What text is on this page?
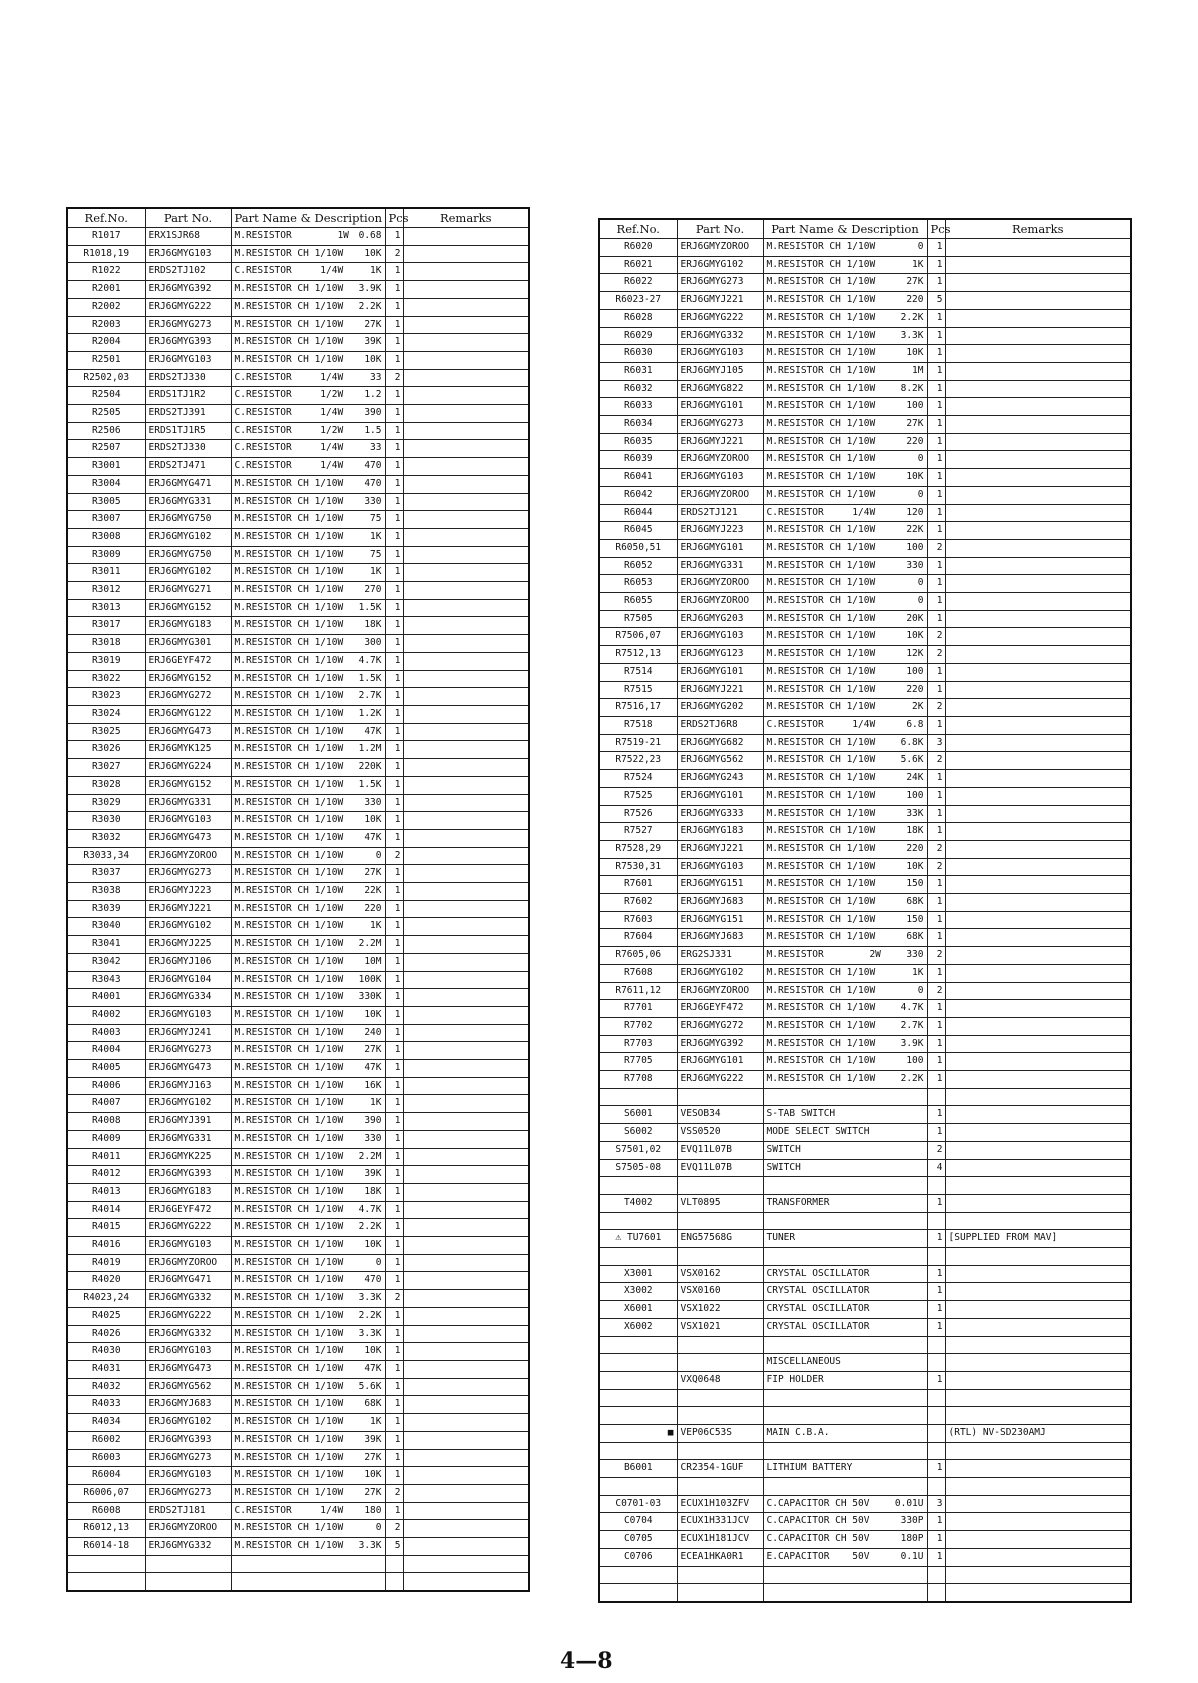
Ref.No.	Part No.	Part Name & Description	Pcs	Remarks
R1017	ERX1SJR68	M.RESISTOR        1W 0.68	1	
R1018,19	ERJ6GMYG103	M.RESISTOR CH 1/10W 10K	2	
R1022	ERDS2TJ102	C.RESISTOR     1/4W 1K	1	
R2001	ERJ6GMYG392	M.RESISTOR CH 1/10W 3.9K	1	
R2002	ERJ6GMYG222	M.RESISTOR CH 1/10W 2.2K	1	
R2003	ERJ6GMYG273	M.RESISTOR CH 1/10W 27K	1	
R2004	ERJ6GMYG393	M.RESISTOR CH 1/10W 39K	1	
R2501	ERJ6GMYG103	M.RESISTOR CH 1/10W 10K	1	
R2502,03	ERDS2TJ330	C.RESISTOR     1/4W 33	2	
R2504	ERDS1TJ1R2	C.RESISTOR     1/2W 1.2	1	
R2505	ERDS2TJ391	C.RESISTOR     1/4W 390	1	
R2506	ERDS1TJ1R5	C.RESISTOR     1/2W 1.5	1	
R2507	ERDS2TJ330	C.RESISTOR     1/4W 33	1	
R3001	ERDS2TJ471	C.RESISTOR     1/4W 470	1	
R3004	ERJ6GMYG471	M.RESISTOR CH 1/10W 470	1	
R3005	ERJ6GMYG331	M.RESISTOR CH 1/10W 330	1	
R3007	ERJ6GMYG750	M.RESISTOR CH 1/10W 75	1	
R3008	ERJ6GMYG102	M.RESISTOR CH 1/10W 1K	1	
R3009	ERJ6GMYG750	M.RESISTOR CH 1/10W 75	1	
R3011	ERJ6GMYG102	M.RESISTOR CH 1/10W 1K	1	
R3012	ERJ6GMYG271	M.RESISTOR CH 1/10W 270	1	
R3013	ERJ6GMYG152	M.RESISTOR CH 1/10W 1.5K	1	
R3017	ERJ6GMYG183	M.RESISTOR CH 1/10W 18K	1	
R3018	ERJ6GMYG301	M.RESISTOR CH 1/10W 300	1	
R3019	ERJ6GEYF472	M.RESISTOR CH 1/10W 4.7K	1	
R3022	ERJ6GMYG152	M.RESISTOR CH 1/10W 1.5K	1	
R3023	ERJ6GMYG272	M.RESISTOR CH 1/10W 2.7K	1	
R3024	ERJ6GMYG122	M.RESISTOR CH 1/10W 1.2K	1	
R3025	ERJ6GMYG473	M.RESISTOR CH 1/10W 47K	1	
R3026	ERJ6GMYK125	M.RESISTOR CH 1/10W 1.2M	1	
R3027	ERJ6GMYG224	M.RESISTOR CH 1/10W 220K	1	
R3028	ERJ6GMYG152	M.RESISTOR CH 1/10W 1.5K	1	
R3029	ERJ6GMYG331	M.RESISTOR CH 1/10W 330	1	
R3030	ERJ6GMYG103	M.RESISTOR CH 1/10W 10K	1	
R3032	ERJ6GMYG473	M.RESISTOR CH 1/10W 47K	1	
R3033,34	ERJ6GMYZOROO	M.RESISTOR CH 1/10W 0	2	
R3037	ERJ6GMYG273	M.RESISTOR CH 1/10W 27K	1	
R3038	ERJ6GMYJ223	M.RESISTOR CH 1/10W 22K	1	
R3039	ERJ6GMYJ221	M.RESISTOR CH 1/10W 220	1	
R3040	ERJ6GMYG102	M.RESISTOR CH 1/10W 1K	1	
R3041	ERJ6GMYJ225	M.RESISTOR CH 1/10W 2.2M	1	
R3042	ERJ6GMYJ106	M.RESISTOR CH 1/10W 10M	1	
R3043	ERJ6GMYG104	M.RESISTOR CH 1/10W 100K	1	
R4001	ERJ6GMYG334	M.RESISTOR CH 1/10W 330K	1	
R4002	ERJ6GMYG103	M.RESISTOR CH 1/10W 10K	1	
R4003	ERJ6GMYJ241	M.RESISTOR CH 1/10W 240	1	
R4004	ERJ6GMYG273	M.RESISTOR CH 1/10W 27K	1	
R4005	ERJ6GMYG473	M.RESISTOR CH 1/10W 47K	1	
R4006	ERJ6GMYJ163	M.RESISTOR CH 1/10W 16K	1	
R4007	ERJ6GMYG102	M.RESISTOR CH 1/10W 1K	1	
R4008	ERJ6GMYJ391	M.RESISTOR CH 1/10W 390	1	
R4009	ERJ6GMYG331	M.RESISTOR CH 1/10W 330	1	
R4011	ERJ6GMYK225	M.RESISTOR CH 1/10W 2.2M	1	
R4012	ERJ6GMYG393	M.RESISTOR CH 1/10W 39K	1	
R4013	ERJ6GMYG183	M.RESISTOR CH 1/10W 18K	1	
R4014	ERJ6GEYF472	M.RESISTOR CH 1/10W 4.7K	1	
R4015	ERJ6GMYG222	M.RESISTOR CH 1/10W 2.2K	1	
R4016	ERJ6GMYG103	M.RESISTOR CH 1/10W 10K	1	
R4019	ERJ6GMYZOROO	M.RESISTOR CH 1/10W 0	1	
R4020	ERJ6GMYG471	M.RESISTOR CH 1/10W 470	1	
R4023,24	ERJ6GMYG332	M.RESISTOR CH 1/10W 3.3K	2	
R4025	ERJ6GMYG222	M.RESISTOR CH 1/10W 2.2K	1	
R4026	ERJ6GMYG332	M.RESISTOR CH 1/10W 3.3K	1	
R4030	ERJ6GMYG103	M.RESISTOR CH 1/10W 10K	1	
R4031	ERJ6GMYG473	M.RESISTOR CH 1/10W 47K	1	
R4032	ERJ6GMYG562	M.RESISTOR CH 1/10W 5.6K	1	
R4033	ERJ6GMYJ683	M.RESISTOR CH 1/10W 68K	1	
R4034	ERJ6GMYG102	M.RESISTOR CH 1/10W 1K	1	
R6002	ERJ6GMYG393	M.RESISTOR CH 1/10W 39K	1	
R6003	ERJ6GMYG273	M.RESISTOR CH 1/10W 27K	1	
R6004	ERJ6GMYG103	M.RESISTOR CH 1/10W 10K	1	
R6006,07	ERJ6GMYG273	M.RESISTOR CH 1/10W 27K	2	
R6008	ERDS2TJ181	C.RESISTOR     1/4W 180	1	
R6012,13	ERJ6GMYZOROO	M.RESISTOR CH 1/10W 0	2	
R6014-18	ERJ6GMYG332	M.RESISTOR CH 1/10W 3.3K	5	

Ref.No.	Part No.	Part Name & Description	Pcs	Remarks
R6020	ERJ6GMYZOROO	M.RESISTOR CH 1/10W 0	1	
R6021	ERJ6GMYG102	M.RESISTOR CH 1/10W 1K	1	
R6022	ERJ6GMYG273	M.RESISTOR CH 1/10W 27K	1	
R6023-27	ERJ6GMYJ221	M.RESISTOR CH 1/10W 220	5	
R6028	ERJ6GMYG222	M.RESISTOR CH 1/10W 2.2K	1	
R6029	ERJ6GMYG332	M.RESISTOR CH 1/10W 3.3K	1	
R6030	ERJ6GMYG103	M.RESISTOR CH 1/10W 10K	1	
R6031	ERJ6GMYJ105	M.RESISTOR CH 1/10W 1M	1	
R6032	ERJ6GMYG822	M.RESISTOR CH 1/10W 8.2K	1	
R6033	ERJ6GMYG101	M.RESISTOR CH 1/10W 100	1	
R6034	ERJ6GMYG273	M.RESISTOR CH 1/10W 27K	1	
R6035	ERJ6GMYJ221	M.RESISTOR CH 1/10W 220	1	
R6039	ERJ6GMYZOROO	M.RESISTOR CH 1/10W 0	1	
R6041	ERJ6GMYG103	M.RESISTOR CH 1/10W 10K	1	
R6042	ERJ6GMYZOROO	M.RESISTOR CH 1/10W 0	1	
R6044	ERDS2TJ121	C.RESISTOR     1/4W 120	1	
R6045	ERJ6GMYJ223	M.RESISTOR CH 1/10W 22K	1	
R6050,51	ERJ6GMYG101	M.RESISTOR CH 1/10W 100	2	
R6052	ERJ6GMYG331	M.RESISTOR CH 1/10W 330	1	
R6053	ERJ6GMYZOROO	M.RESISTOR CH 1/10W 0	1	
R6055	ERJ6GMYZOROO	M.RESISTOR CH 1/10W 0	1	
R7505	ERJ6GMYG203	M.RESISTOR CH 1/10W 20K	1	
R7506,07	ERJ6GMYG103	M.RESISTOR CH 1/10W 10K	2	
R7512,13	ERJ6GMYG123	M.RESISTOR CH 1/10W 12K	2	
R7514	ERJ6GMYG101	M.RESISTOR CH 1/10W 100	1	
R7515	ERJ6GMYJ221	M.RESISTOR CH 1/10W 220	1	
R7516,17	ERJ6GMYG202	M.RESISTOR CH 1/10W 2K	2	
R7518	ERDS2TJ6R8	C.RESISTOR     1/4W 6.8	1	
R7519-21	ERJ6GMYG682	M.RESISTOR CH 1/10W 6.8K	3	
R7522,23	ERJ6GMYG562	M.RESISTOR CH 1/10W 5.6K	2	
R7524	ERJ6GMYG243	M.RESISTOR CH 1/10W 24K	1	
R7525	ERJ6GMYG101	M.RESISTOR CH 1/10W 100	1	
R7526	ERJ6GMYG333	M.RESISTOR CH 1/10W 33K	1	
R7527	ERJ6GMYG183	M.RESISTOR CH 1/10W 18K	1	
R7528,29	ERJ6GMYJ221	M.RESISTOR CH 1/10W 220	2	
R7530,31	ERJ6GMYG103	M.RESISTOR CH 1/10W 10K	2	
R7601	ERJ6GMYG151	M.RESISTOR CH 1/10W 150	1	
R7602	ERJ6GMYJ683	M.RESISTOR CH 1/10W 68K	1	
R7603	ERJ6GMYG151	M.RESISTOR CH 1/10W 150	1	
R7604	ERJ6GMYJ683	M.RESISTOR CH 1/10W 68K	1	
R7605,06	ERG2SJ331	M.RESISTOR        2W 330	2	
R7608	ERJ6GMYG102	M.RESISTOR CH 1/10W 1K	1	
R7611,12	ERJ6GMYZOROO	M.RESISTOR CH 1/10W 0	2	
R7701	ERJ6GEYF472	M.RESISTOR CH 1/10W 4.7K	1	
R7702	ERJ6GMYG272	M.RESISTOR CH 1/10W 2.7K	1	
R7703	ERJ6GMYG392	M.RESISTOR CH 1/10W 3.9K	1	
R7705	ERJ6GMYG101	M.RESISTOR CH 1/10W 100	1	
R7708	ERJ6GMYG222	M.RESISTOR CH 1/10W 2.2K	1	

S6001	VESOB34	S-TAB SWITCH	1	
S6002	VSS0520	MODE SELECT SWITCH	1	
S7501,02	EVQ11L07B	SWITCH	2	
S7505-08	EVQ11L07B	SWITCH	4	

T4002	VLT0895	TRANSFORMER	1	

⚠ TU7601	ENG57568G	TUNER	1	[SUPPLIED FROM MAV]

X3001	VSX0162	CRYSTAL OSCILLATOR	1	
X3002	VSX0160	CRYSTAL OSCILLATOR	1	
X6001	VSX1022	CRYSTAL OSCILLATOR	1	
X6002	VSX1021	CRYSTAL OSCILLATOR	1	

		MISCELLANEOUS		

	VXQ0648	FIP HOLDER	1	

■	VEP06C53S	MAIN C.B.A.		(RTL) NV-SD230AMJ

B6001	CR2354-1GUF	LITHIUM BATTERY	1	

C0701-03	ECUX1H103ZFV	C.CAPACITOR CH 50V 0.01U	3	
C0704	ECUX1H331JCV	C.CAPACITOR CH 50V 330P	1	
C0705	ECUX1H181JCV	C.CAPACITOR CH 50V 180P	1	
C0706	ECEA1HKA0R1	E.CAPACITOR    50V 0.1U	1	

4—8
